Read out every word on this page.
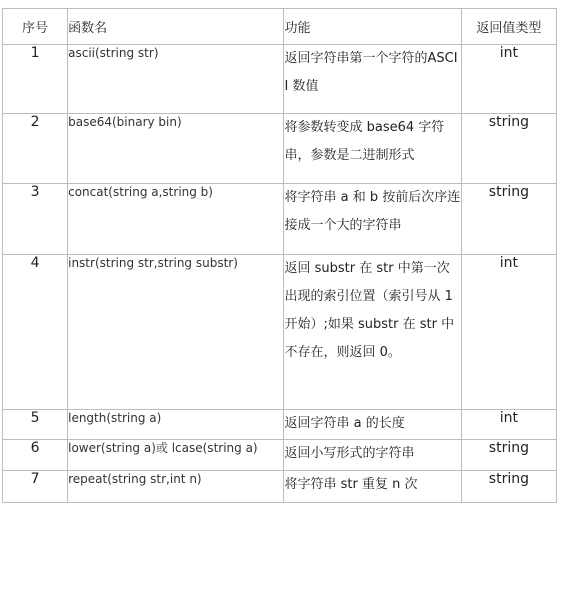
序号	函数名	功能	返回值类型
1	ascii(string str)	返回字符串第一个字符的ASCII 数值	int
2	base64(binary bin)	将参数转变成 base64 字符串，参数是二进制形式	string
3	concat(string a,string b)	将字符串 a 和 b 按前后次序连接成一个大的字符串	string
4	instr(string str,string substr)	返回 substr 在 str 中第一次出现的索引位置（索引号从 1 开始）;如果 substr 在 str 中不存在，则返回 0。	int
5	length(string a)	返回字符串 a 的长度	int
6	lower(string a)或 lcase(string a)	返回小写形式的字符串	string
7	repeat(string str,int n)	将字符串 str 重复 n 次	string
